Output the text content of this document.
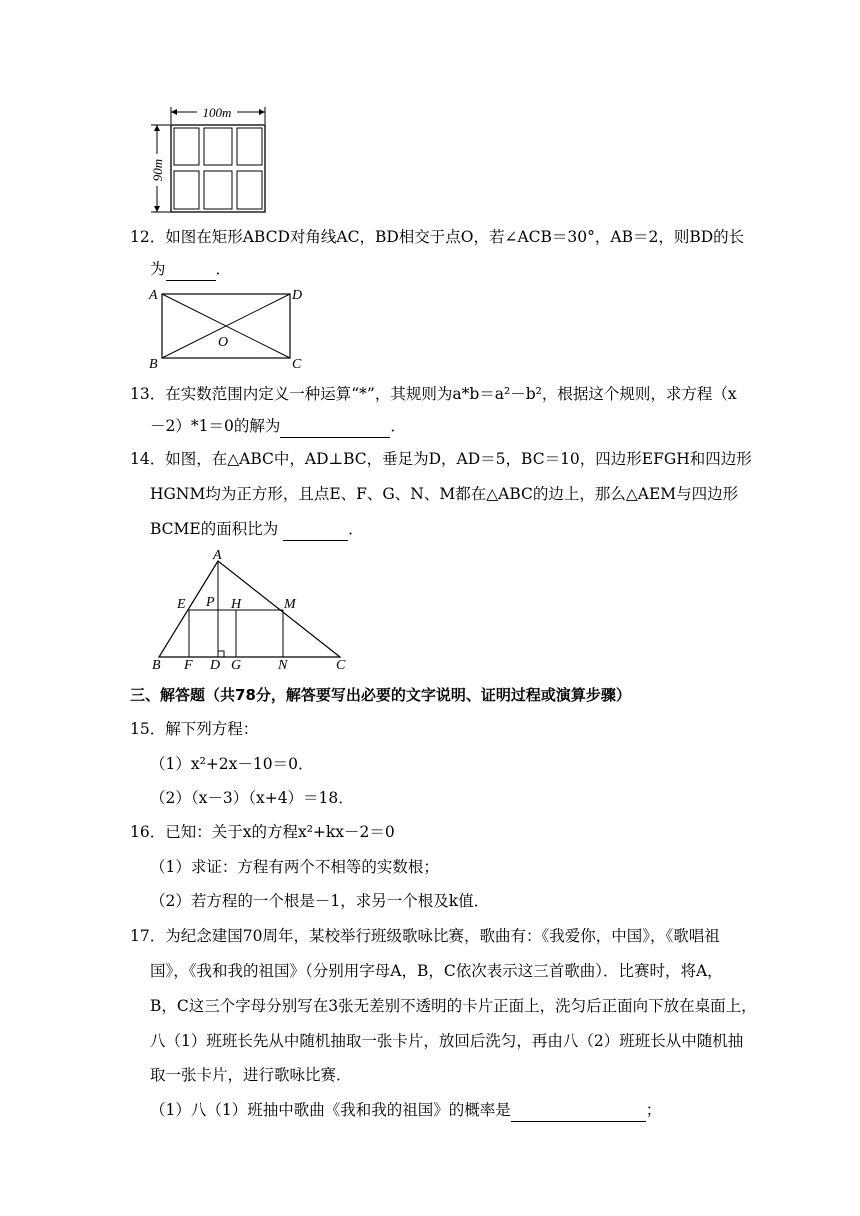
100m
90m
12．如图在矩形ABCD对角线AC，BD相交于点O，若∠ACB＝30°，AB＝2，则BD的长
为	．
A	D
B	C
O
13．在实数范围内定义一种运算“*”，其规则为a*b＝a²－b²，根据这个规则，求方程（x
－2）*1＝0的解为	．
14．如图，在△ABC中，AD⊥BC，垂足为D，AD＝5，BC＝10，四边形EFGH和四边形
HGNM均为正方形，且点E、F、G、N、M都在△ABC的边上，那么△AEM与四边形
BCME的面积比为	．
A
E P H	M
B F D G	N	C
三、解答题（共78分，解答要写出必要的文字说明、证明过程或演算步骤）
15．解下列方程：
（1）x²+2x－10＝0．
（2）（x－3）（x+4）＝18．
16．已知：关于x的方程x²+kx－2＝0
（1）求证：方程有两个不相等的实数根；
（2）若方程的一个根是－1，求另一个根及k值．
17．为纪念建国70周年，某校举行班级歌咏比赛，歌曲有：《我爱你，中国》，《歌唱祖
国》，《我和我的祖国》（分别用字母A，B，C依次表示这三首歌曲）．比赛时，将A，
B，C这三个字母分别写在3张无差别不透明的卡片正面上，洗匀后正面向下放在桌面上，
八（1）班班长先从中随机抽取一张卡片，放回后洗匀，再由八（2）班班长从中随机抽
取一张卡片，进行歌咏比赛．
（1）八（1）班抽中歌曲《我和我的祖国》的概率是	；
